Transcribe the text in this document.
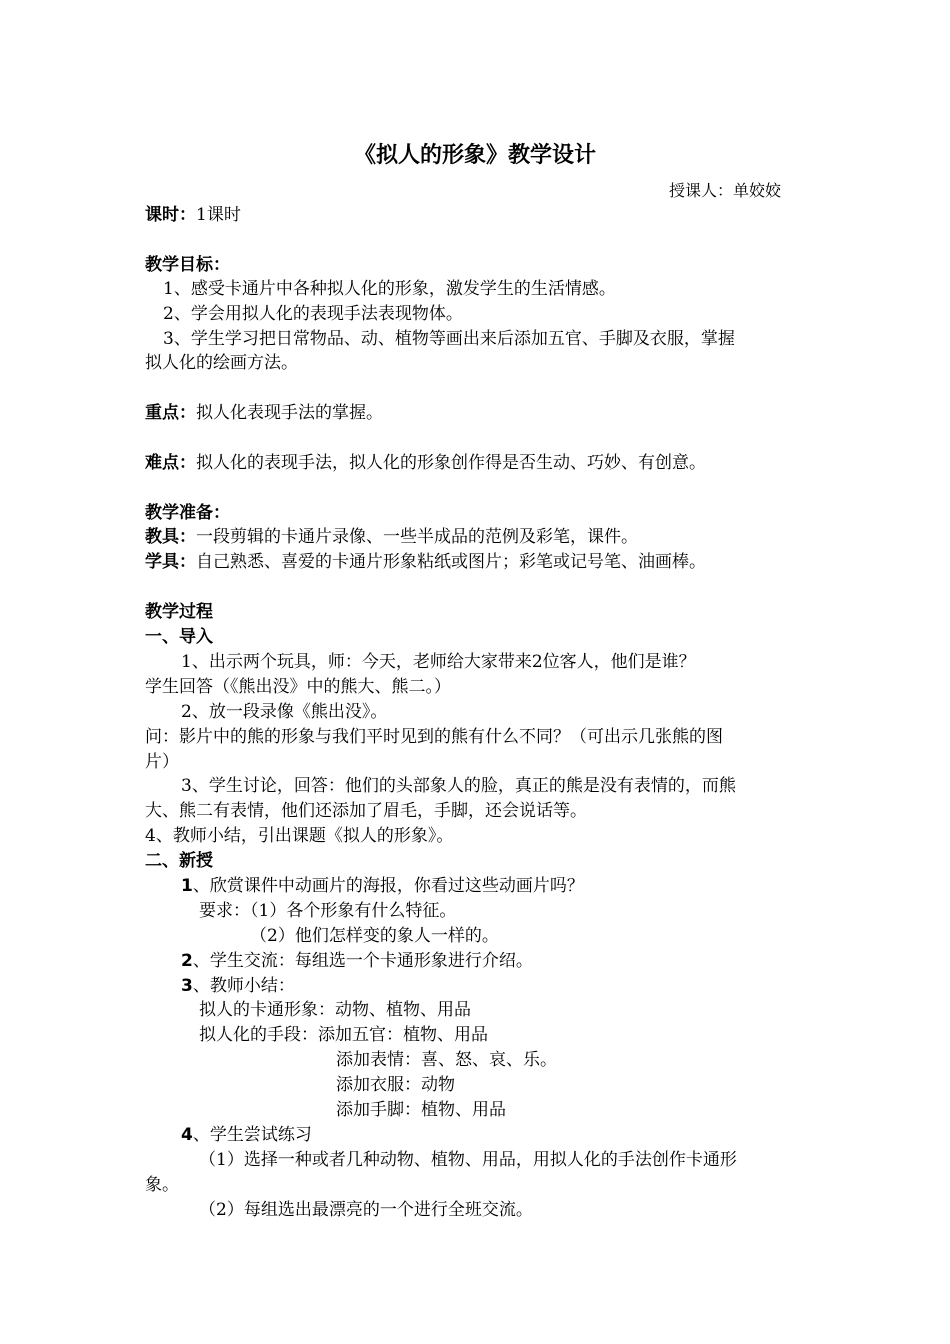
《拟人的形象》教学设计
授课人：单姣姣
课时：1课时
教学目标：
1、感受卡通片中各种拟人化的形象，激发学生的生活情感。
2、学会用拟人化的表现手法表现物体。
3、学生学习把日常物品、动、植物等画出来后添加五官、手脚及衣服，掌握
拟人化的绘画方法。
重点：拟人化表现手法的掌握。
难点：拟人化的表现手法，拟人化的形象创作得是否生动、巧妙、有创意。
教学准备：
教具：一段剪辑的卡通片录像、一些半成品的范例及彩笔，课件。
学具：自己熟悉、喜爱的卡通片形象粘纸或图片；彩笔或记号笔、油画棒。
教学过程
一、导入
1、出示两个玩具，师：今天，老师给大家带来2位客人，他们是谁？
学生回答（《熊出没》中的熊大、熊二。）
2、放一段录像《熊出没》。
问：影片中的熊的形象与我们平时见到的熊有什么不同？（可出示几张熊的图
片）
3、学生讨论，回答：他们的头部象人的脸，真正的熊是没有表情的，而熊
大、熊二有表情，他们还添加了眉毛，手脚，还会说话等。
4、教师小结，引出课题《拟人的形象》。
二、新授
1、欣赏课件中动画片的海报，你看过这些动画片吗？
要求：（1）各个形象有什么特征。
（2）他们怎样变的象人一样的。
2、学生交流：每组选一个卡通形象进行介绍。
3、教师小结：
拟人的卡通形象：动物、植物、用品
拟人化的手段：添加五官：植物、用品
添加表情：喜、怒、哀、乐。
添加衣服：动物
添加手脚：植物、用品
4、学生尝试练习
（1）选择一种或者几种动物、植物、用品，用拟人化的手法创作卡通形
象。
（2）每组选出最漂亮的一个进行全班交流。
